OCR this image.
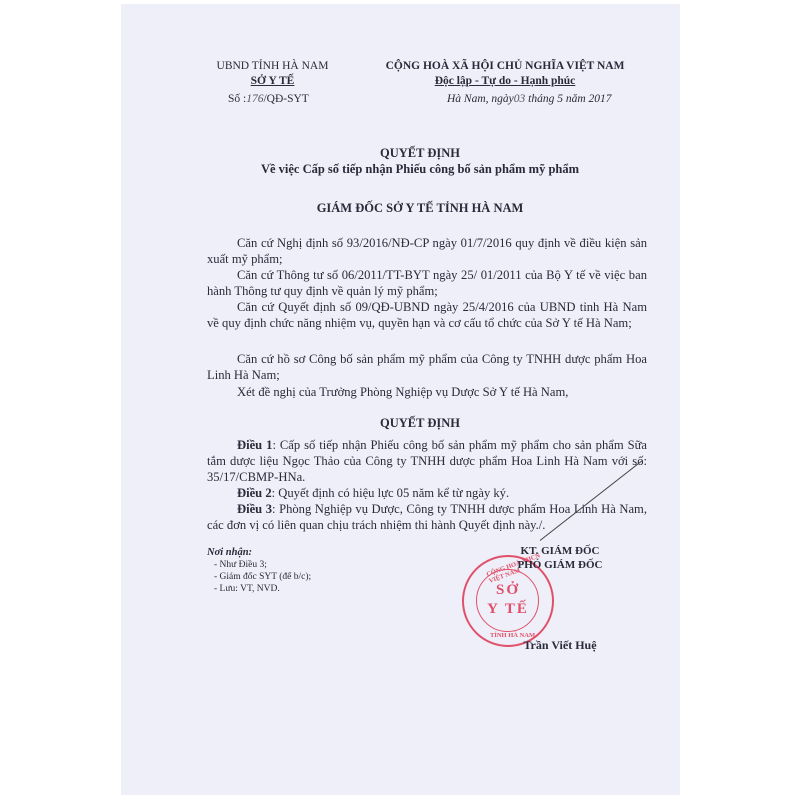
UBND TỈNH HÀ NAM
SỞ Y TẾ
Số :176/QĐ-SYT
CỘNG HOÀ XÃ HỘI CHỦ NGHĨA VIỆT NAM
Độc lập - Tự do - Hạnh phúc
Hà Nam, ngày03 tháng 5 năm 2017
QUYẾT ĐỊNH
Về việc Cấp số tiếp nhận Phiếu công bố sản phẩm mỹ phẩm
GIÁM ĐỐC SỞ Y TẾ TỈNH HÀ NAM
Căn cứ Nghị định số 93/2016/NĐ-CP ngày 01/7/2016 quy định về điều kiện sản xuất mỹ phẩm;
Căn cứ Thông tư số 06/2011/TT-BYT ngày 25/ 01/2011 của Bộ Y tế về việc ban hành Thông tư quy định về quản lý mỹ phẩm;
Căn cứ Quyết định số 09/QĐ-UBND ngày 25/4/2016 của UBND tỉnh Hà Nam về quy định chức năng nhiệm vụ, quyền hạn và cơ cấu tổ chức của Sở Y tế Hà Nam;
Căn cứ hồ sơ Công bố sản phẩm mỹ phẩm của Công ty TNHH dược phẩm Hoa Linh Hà Nam;
Xét đề nghị của Trưởng Phòng Nghiệp vụ Dược Sở Y tế Hà Nam,
QUYẾT ĐỊNH
Điều 1: Cấp số tiếp nhận Phiếu công bố sản phẩm mỹ phẩm cho sản phẩm Sữa tắm dược liệu Ngọc Thảo của Công ty TNHH dược phẩm Hoa Linh Hà Nam với số: 35/17/CBMP-HNa.
Điều 2: Quyết định có hiệu lực 05 năm kể từ ngày ký.
Điều 3: Phòng Nghiệp vụ Dược, Công ty TNHH dược phẩm Hoa Linh Hà Nam, các đơn vị có liên quan chịu trách nhiệm thi hành Quyết định này./.
Nơi nhận:
- Như Điều 3;
- Giám đốc SYT (để b/c);
- Lưu: VT, NVD.	SỞ
Y TẾ
CỘNG HOÀ XHCN VIỆT NAM
TỈNH HÀ NAM
KT. GIÁM ĐỐC
PHÓ GIÁM ĐỐC
Trần Viết Huệ
